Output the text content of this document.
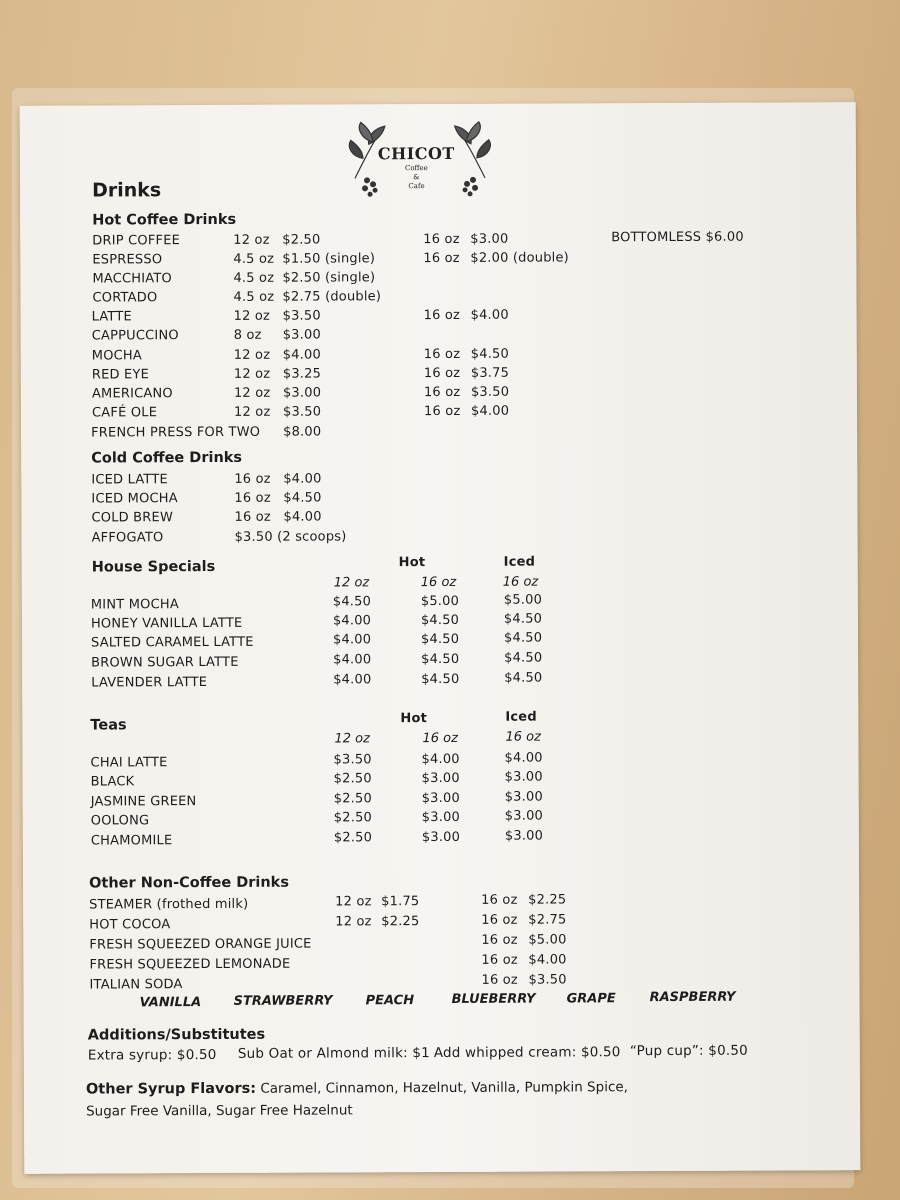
CHICOT
Coffee
&
Cafe
Drinks
Hot Coffee Drinks
DRIP COFFEE	12 oz $2.50	16 oz $3.00	BOTTOMLESS $6.00
ESPRESSO	4.5 oz $1.50 (single)	16 oz $2.00 (double)
MACCHIATO	4.5 oz $2.50 (single)
CORTADO	4.5 oz $2.75 (double)
LATTE	12 oz $3.50	16 oz $4.00
CAPPUCCINO	8 oz $3.00
MOCHA	12 oz $4.00	16 oz $4.50
RED EYE	12 oz $3.25	16 oz $3.75
AMERICANO	12 oz $3.00	16 oz $3.50
CAFÉ OLE	12 oz $3.50	16 oz $4.00
FRENCH PRESS FOR TWO $8.00
Cold Coffee Drinks
ICED LATTE	16 oz $4.00
ICED MOCHA	16 oz $4.50
COLD BREW	16 oz $4.00
AFFOGATO	$3.50 (2 scoops)
House Specials	Hot	Iced
12 oz	16 oz	16 oz
MINT MOCHA	$4.50	$5.00	$5.00
HONEY VANILLA LATTE	$4.00	$4.50	$4.50
SALTED CARAMEL LATTE	$4.00	$4.50	$4.50
BROWN SUGAR LATTE	$4.00	$4.50	$4.50
LAVENDER LATTE	$4.00	$4.50	$4.50
Teas	Hot	Iced
12 oz	16 oz	16 oz
CHAI LATTE	$3.50	$4.00	$4.00
BLACK	$2.50	$3.00	$3.00
JASMINE GREEN	$2.50	$3.00	$3.00
OOLONG	$2.50	$3.00	$3.00
CHAMOMILE	$2.50	$3.00	$3.00
Other Non-Coffee Drinks
STEAMER (frothed milk)	12 oz $1.75	16 oz $2.25
HOT COCOA	12 oz $2.25	16 oz $2.75
FRESH SQUEEZED ORANGE JUICE	16 oz $5.00
FRESH SQUEEZED LEMONADE	16 oz $4.00
ITALIAN SODA	16 oz $3.50
VANILLA STRAWBERRY	PEACH	BLUEBERRY GRAPE	RASPBERRY
Additions/Substitutes
Extra syrup: $0.50 Sub Oat or Almond milk: $1 Add whipped cream: $0.50 “Pup cup”: $0.50
Other Syrup Flavors: Caramel, Cinnamon, Hazelnut, Vanilla, Pumpkin Spice,
Sugar Free Vanilla, Sugar Free Hazelnut
